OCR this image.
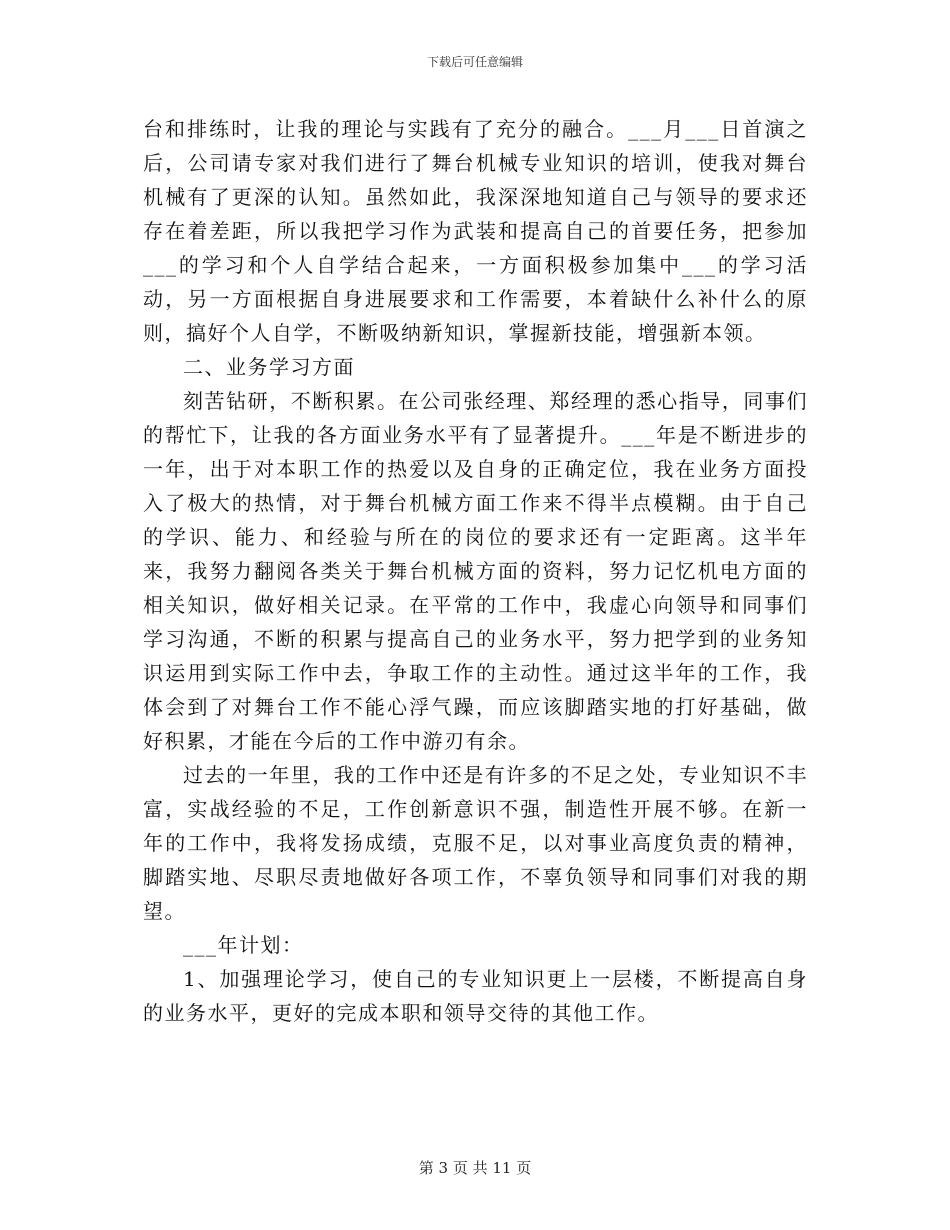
下载后可任意编辑

台和排练时，让我的理论与实践有了充分的融合。___月___日首演之后，公司请专家对我们进行了舞台机械专业知识的培训，使我对舞台机械有了更深的认知。虽然如此，我深深地知道自己与领导的要求还存在着差距，所以我把学习作为武装和提高自己的首要任务，把参加___的学习和个人自学结合起来，一方面积极参加集中___的学习活动，另一方面根据自身进展要求和工作需要，本着缺什么补什么的原则，搞好个人自学，不断吸纳新知识，掌握新技能，增强新本领。

二、业务学习方面

刻苦钻研，不断积累。在公司张经理、郑经理的悉心指导，同事们的帮忙下，让我的各方面业务水平有了显著提升。___年是不断进步的一年，出于对本职工作的热爱以及自身的正确定位，我在业务方面投入了极大的热情，对于舞台机械方面工作来不得半点模糊。由于自己的学识、能力、和经验与所在的岗位的要求还有一定距离。这半年来，我努力翻阅各类关于舞台机械方面的资料，努力记忆机电方面的相关知识，做好相关记录。在平常的工作中，我虚心向领导和同事们学习沟通，不断的积累与提高自己的业务水平，努力把学到的业务知识运用到实际工作中去，争取工作的主动性。通过这半年的工作，我体会到了对舞台工作不能心浮气躁，而应该脚踏实地的打好基础，做好积累，才能在今后的工作中游刃有余。

过去的一年里，我的工作中还是有许多的不足之处，专业知识不丰富，实战经验的不足，工作创新意识不强，制造性开展不够。在新一年的工作中，我将发扬成绩，克服不足，以对事业高度负责的精神，脚踏实地、尽职尽责地做好各项工作，不辜负领导和同事们对我的期望。

___年计划：

1、加强理论学习，使自己的专业知识更上一层楼，不断提高自身的业务水平，更好的完成本职和领导交待的其他工作。

第 3 页 共 11 页
